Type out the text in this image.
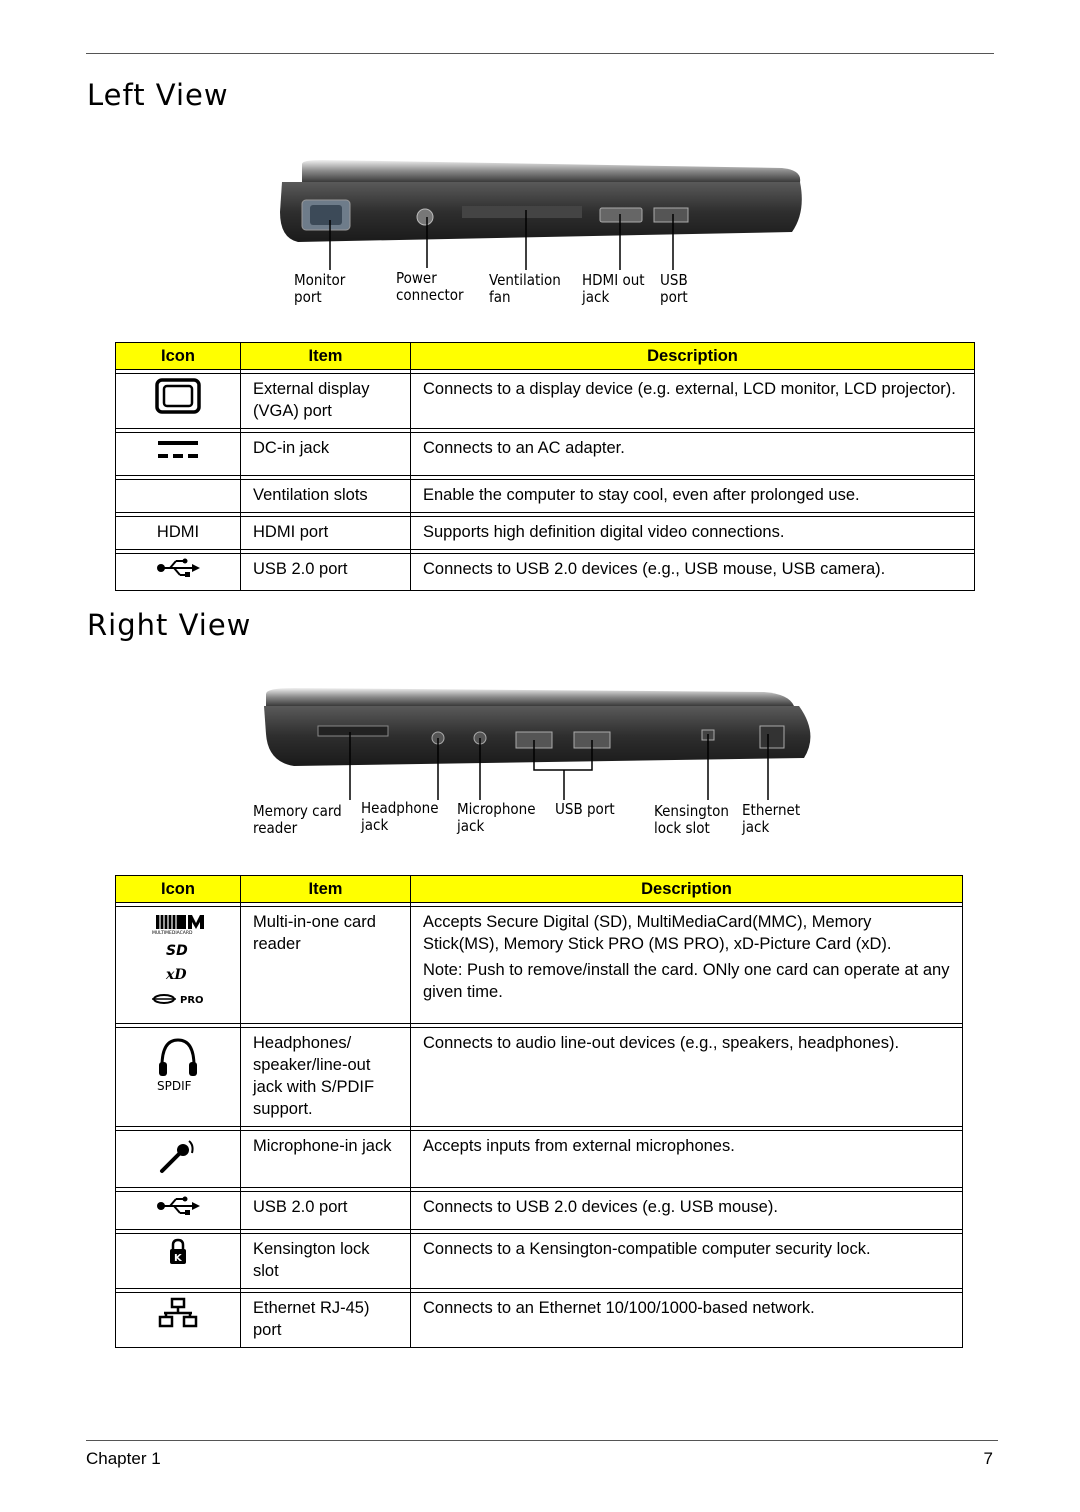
Left View
Monitor
port
Power
connector
Ventilation
fan
HDMI out
jack
USB
port
Icon	Item	Description

	External display (VGA) port	Connects to a display device (e.g. external, LCD monitor, LCD projector).

	DC-in jack	Connects to an AC adapter.

	Ventilation slots	Enable the computer to stay cool, even after prolonged use.

HDMI	HDMI port	Supports high definition digital video connections.

	USB 2.0 port	Connects to USB 2.0 devices (e.g., USB mouse, USB camera).
Right View
Memory card
reader
Headphone
jack
Microphone
jack
USB port	Kensington
lock slot
Ethernet
jack
Icon	Item	Description

MULTIMEDIACARD
SD
xD
PRO	Multi-in-one card reader	Accepts Secure Digital (SD), MultiMediaCard(MMC), Memory Stick(MS), Memory Stick PRO (MS PRO), xD-Picture Card (xD).
Note: Push to remove/install the card. ONly one card can operate at any given time.

SPDIF	Headphones/ speaker/line-out jack with S/PDIF support.	Connects to audio line-out devices (e.g., speakers, headphones).

	Microphone-in jack	Accepts inputs from external microphones.

	USB 2.0 port	Connects to USB 2.0 devices (e.g. USB mouse).

K	Kensington lock slot	Connects to a Kensington-compatible computer security lock.

	Ethernet RJ-45) port	Connects to an Ethernet 10/100/1000-based network.
Chapter 1	7
